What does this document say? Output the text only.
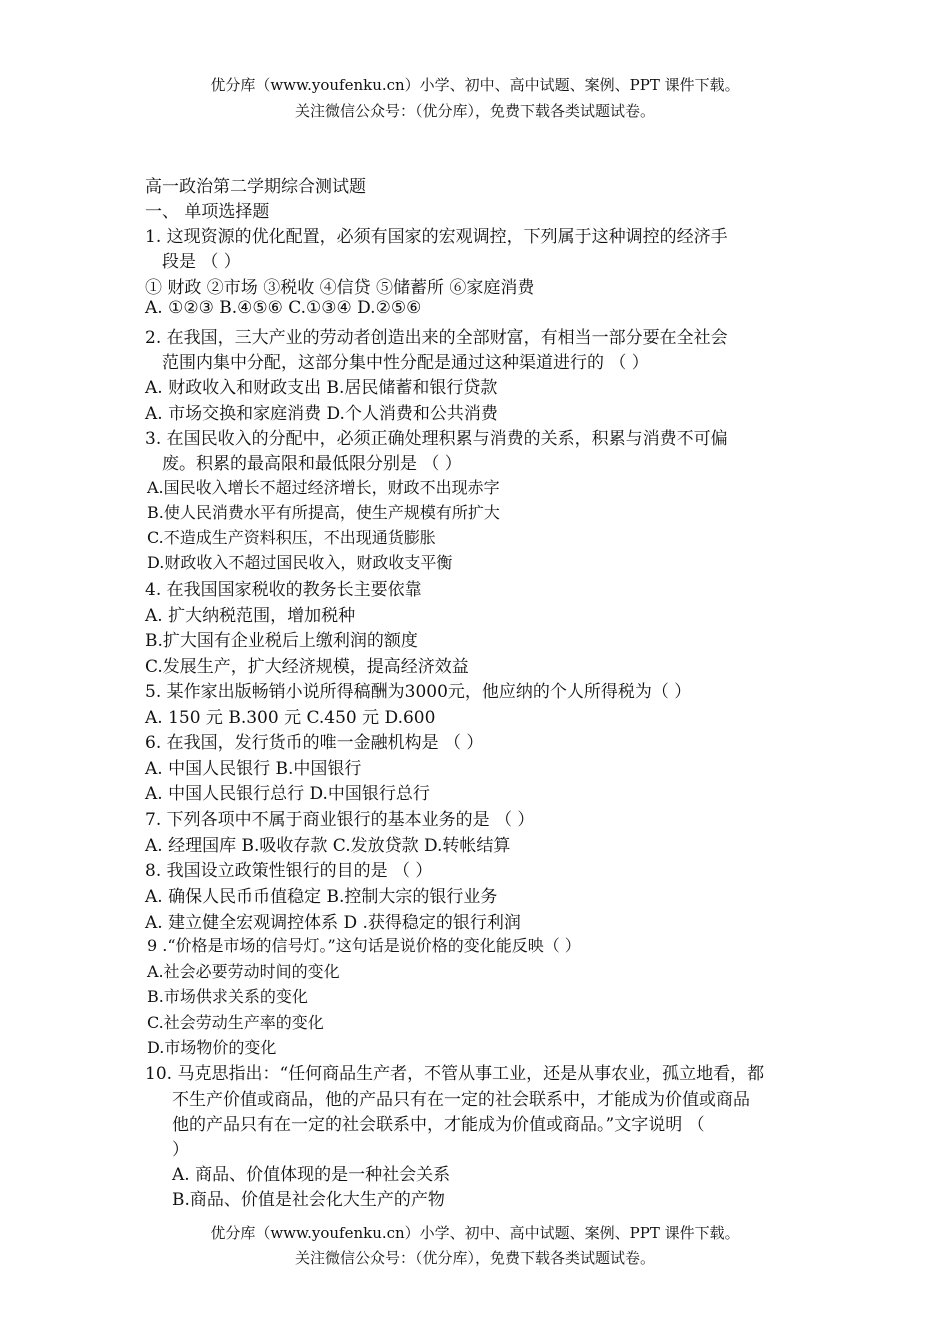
优分库（www.youfenku.cn）小学、初中、高中试题、案例、PPT 课件下载。
关注微信公众号：（优分库），免费下载各类试题试卷。
高一政治第二学期综合测试题
一、 单项选择题
1. 这现资源的优化配置，必须有国家的宏观调控，下列属于这种调控的经济手
段是 （ ）
① 财政 ②市场 ③税收 ④信贷 ⑤储蓄所 ⑥家庭消费
A. ①②③ B.④⑤⑥ C.①③④ D.②⑤⑥
2. 在我国，三大产业的劳动者创造出来的全部财富，有相当一部分要在全社会
范围内集中分配，这部分集中性分配是通过这种渠道进行的 （ ）
A. 财政收入和财政支出 B.居民储蓄和银行贷款
A. 市场交换和家庭消费 D.个人消费和公共消费
3. 在国民收入的分配中，必须正确处理积累与消费的关系，积累与消费不可偏
废。积累的最高限和最低限分别是 （ ）
A.国民收入增长不超过经济增长，财政不出现赤字
B.使人民消费水平有所提高，使生产规模有所扩大
C.不造成生产资料积压，不出现通货膨胀
D.财政收入不超过国民收入，财政收支平衡
4. 在我国国家税收的教务长主要依靠
A. 扩大纳税范围，增加税种
B.扩大国有企业税后上缴利润的额度
C.发展生产，扩大经济规模，提高经济效益
5. 某作家出版畅销小说所得稿酬为3000元，他应纳的个人所得税为（ ）
A. 150 元 B.300 元 C.450 元 D.600
6. 在我国，发行货币的唯一金融机构是 （ ）
A. 中国人民银行 B.中国银行
A. 中国人民银行总行 D.中国银行总行
7. 下列各项中不属于商业银行的基本业务的是 （ ）
A. 经理国库 B.吸收存款 C.发放贷款 D.转帐结算
8. 我国设立政策性银行的目的是 （ ）
A. 确保人民币币值稳定 B.控制大宗的银行业务
A. 建立健全宏观调控体系 D .获得稳定的银行利润
9 .“价格是市场的信号灯。”这句话是说价格的变化能反映（ ）
A.社会必要劳动时间的变化
B.市场供求关系的变化
C.社会劳动生产率的变化
D.市场物价的变化
10. 马克思指出：“任何商品生产者，不管从事工业，还是从事农业，孤立地看，都
不生产价值或商品，他的产品只有在一定的社会联系中，才能成为价值或商品
他的产品只有在一定的社会联系中，才能成为价值或商品。”文字说明 （
）
A. 商品、价值体现的是一种社会关系
B.商品、价值是社会化大生产的产物
优分库（www.youfenku.cn）小学、初中、高中试题、案例、PPT 课件下载。
关注微信公众号：（优分库），免费下载各类试题试卷。
